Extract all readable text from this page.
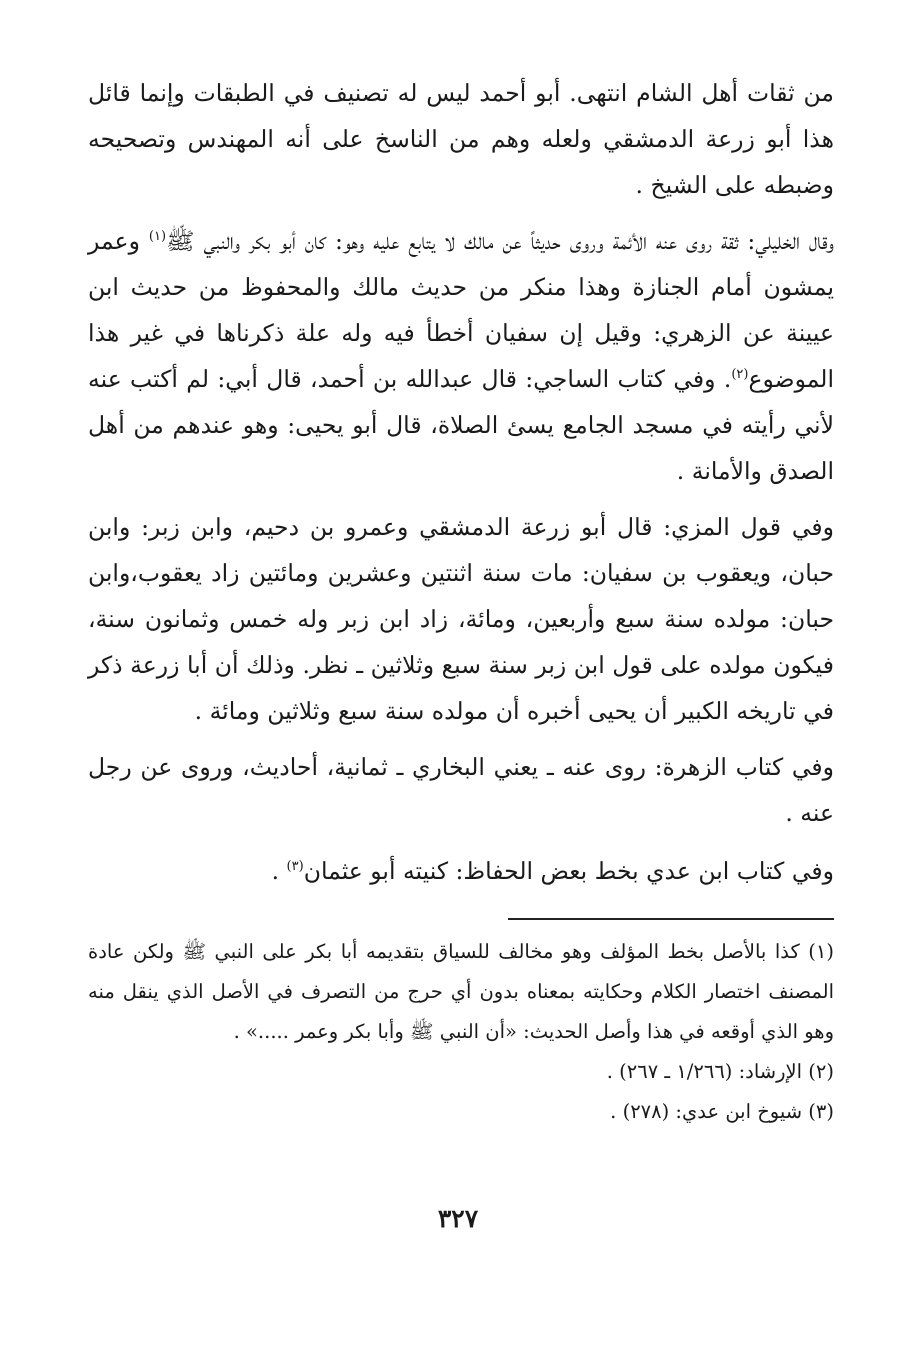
من ثقات أهل الشام انتهى. أبو أحمد ليس له تصنيف في الطبقات وإنما قائل هذا أبو زرعة الدمشقي ولعله وهم من الناسخ على أنه المهندس وتصحيحه وضبطه على الشيخ .

وقال الخليلي: ثقة روى عنه الأئمة وروى حديثاً عن مالك لا يتابع عليه وهو: كان أبو بكر والنبي ﷺ$^{(١)}$ وعمر يمشون أمام الجنازة وهذا منكر من حديث مالك والمحفوظ من حديث ابن عيينة عن الزهري: وقيل إن سفيان أخطأ فيه وله علة ذكرناها في غير هذا الموضوع$^{(٢)}$. وفي كتاب الساجي: قال عبدالله بن أحمد، قال أبي: لم أكتب عنه لأني رأيته في مسجد الجامع يسئ الصلاة، قال أبو يحيى: وهو عندهم من أهل الصدق والأمانة .

وفي قول المزي: قال أبو زرعة الدمشقي وعمرو بن دحيم، وابن زبر: وابن حبان، ويعقوب بن سفيان: مات سنة اثنتين وعشرين ومائتين زاد يعقوب،وابن حبان: مولده سنة سبع وأربعين، ومائة، زاد ابن زبر وله خمس وثمانون سنة، فيكون مولده على قول ابن زبر سنة سبع وثلاثين ـ نظر. وذلك أن أبا زرعة ذكر في تاريخه الكبير أن يحيى أخبره أن مولده سنة سبع وثلاثين ومائة .

وفي كتاب الزهرة: روى عنه ـ يعني البخاري ـ ثمانية، أحاديث، وروى عن رجل عنه .

وفي كتاب ابن عدي بخط بعض الحفاظ: كنيته أبو عثمان$^{(٣)}$ .

(١) كذا بالأصل بخط المؤلف وهو مخالف للسياق بتقديمه أبا بكر على النبي ﷺ ولكن عادة المصنف اختصار الكلام وحكايته بمعناه بدون أي حرج من التصرف في الأصل الذي ينقل منه وهو الذي أوقعه في هذا وأصل الحديث: «أن النبي ﷺ وأبا بكر وعمر .....» .

(٢) الإرشاد: (١/٢٦٦ ـ ٢٦٧) .

(٣) شيوخ ابن عدي: (٢٧٨) .

٣٢٧
